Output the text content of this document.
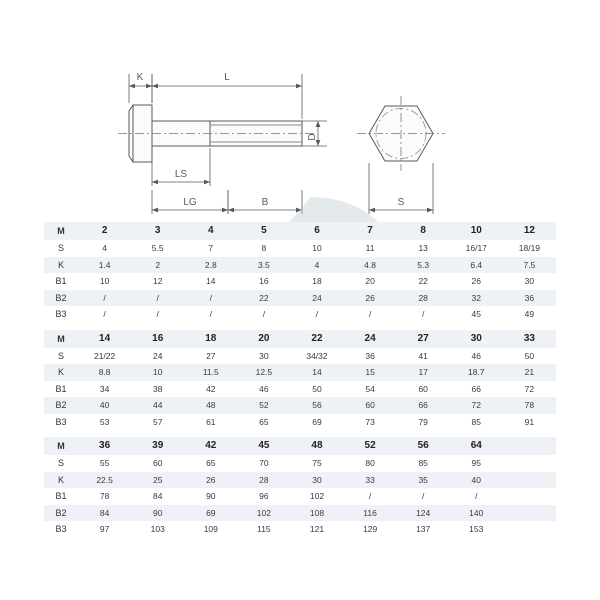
K	L
D
LS
LG	B	S
M	2	3	4	5	6	7	8	10	12
S	4	5.5	7	8	10	11	13	16/17	18/19
K	1.4	2	2.8	3.5	4	4.8	5.3	6.4	7.5
B1	10	12	14	16	18	20	22	26	30
B2	/	/	/	22	24	26	28	32	36
B3	/	/	/	/	/	/	/	45	49

M	14	16	18	20	22	24	27	30	33
S	21/22	24	27	30	34/32	36	41	46	50
K	8.8	10	11.5	12.5	14	15	17	18.7	21
B1	34	38	42	46	50	54	60	66	72
B2	40	44	48	52	56	60	66	72	78
B3	53	57	61	65	69	73	79	85	91

M	36	39	42	45	48	52	56	64	
S	55	60	65	70	75	80	85	95	
K	22.5	25	26	28	30	33	35	40	
B1	78	84	90	96	102	/	/	/	
B2	84	90	69	102	108	116	124	140	
B3	97	103	109	115	121	129	137	153	
